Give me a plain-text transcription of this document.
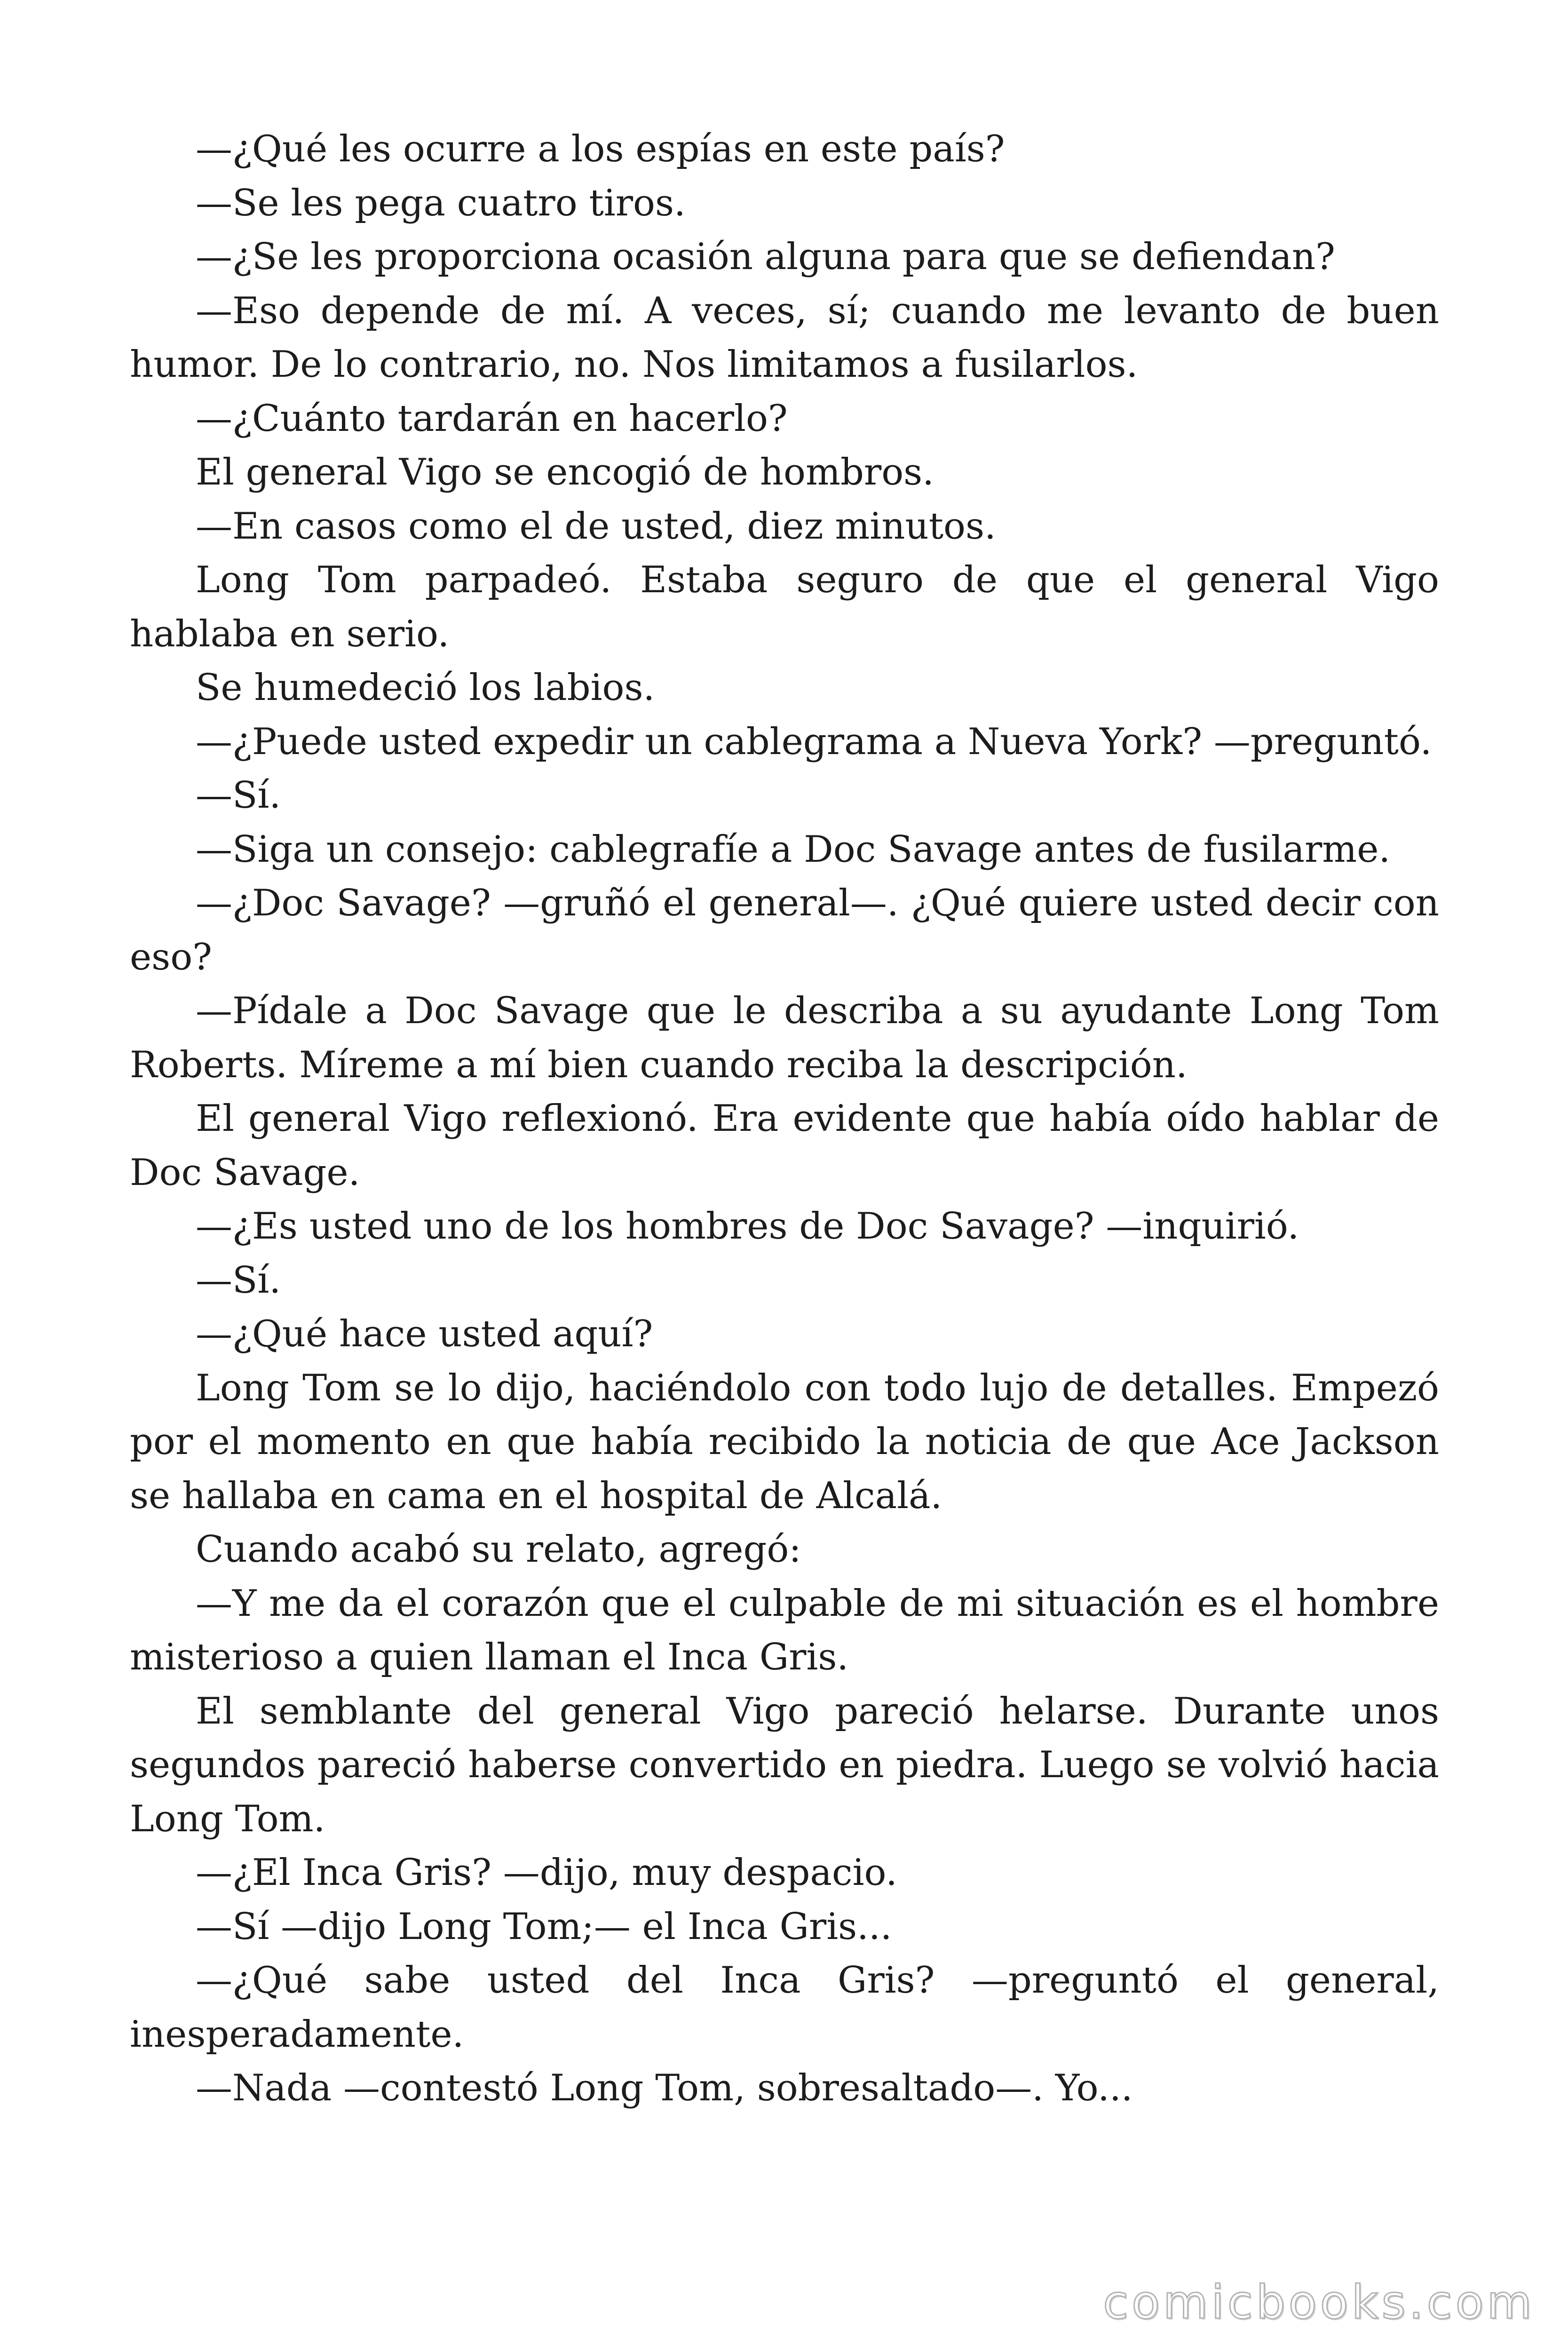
—¿Qué les ocurre a los espías en este país?

—Se les pega cuatro tiros.

—¿Se les proporciona ocasión alguna para que se defiendan?

—Eso depende de mí. A veces, sí; cuando me levanto de buen humor. De lo contrario, no. Nos limitamos a fusilarlos.

—¿Cuánto tardarán en hacerlo?

El general Vigo se encogió de hombros.

—En casos como el de usted, diez minutos.

Long Tom parpadeó. Estaba seguro de que el general Vigo hablaba en serio.

Se humedeció los labios.

—¿Puede usted expedir un cablegrama a Nueva York? —preguntó.

—Sí.

—Siga un consejo: cablegrafíe a Doc Savage antes de fusilarme.

—¿Doc Savage? —gruñó el general—. ¿Qué quiere usted decir con eso?

—Pídale a Doc Savage que le describa a su ayudante Long Tom Roberts. Míreme a mí bien cuando reciba la descripción.

El general Vigo reflexionó. Era evidente que había oído hablar de Doc Savage.

—¿Es usted uno de los hombres de Doc Savage? —inquirió.

—Sí.

—¿Qué hace usted aquí?

Long Tom se lo dijo, haciéndolo con todo lujo de detalles. Empezó por el momento en que había recibido la noticia de que Ace Jackson se hallaba en cama en el hospital de Alcalá.

Cuando acabó su relato, agregó:

—Y me da el corazón que el culpable de mi situación es el hombre misterioso a quien llaman el Inca Gris.

El semblante del general Vigo pareció helarse. Durante unos segundos pareció haberse convertido en piedra. Luego se volvió hacia Long Tom.

—¿El Inca Gris? —dijo, muy despacio.

—Sí —dijo Long Tom;— el Inca Gris...

—¿Qué sabe usted del Inca Gris? —preguntó el general, inesperadamente.

—Nada —contestó Long Tom, sobresaltado—. Yo...

comicbooks.com
